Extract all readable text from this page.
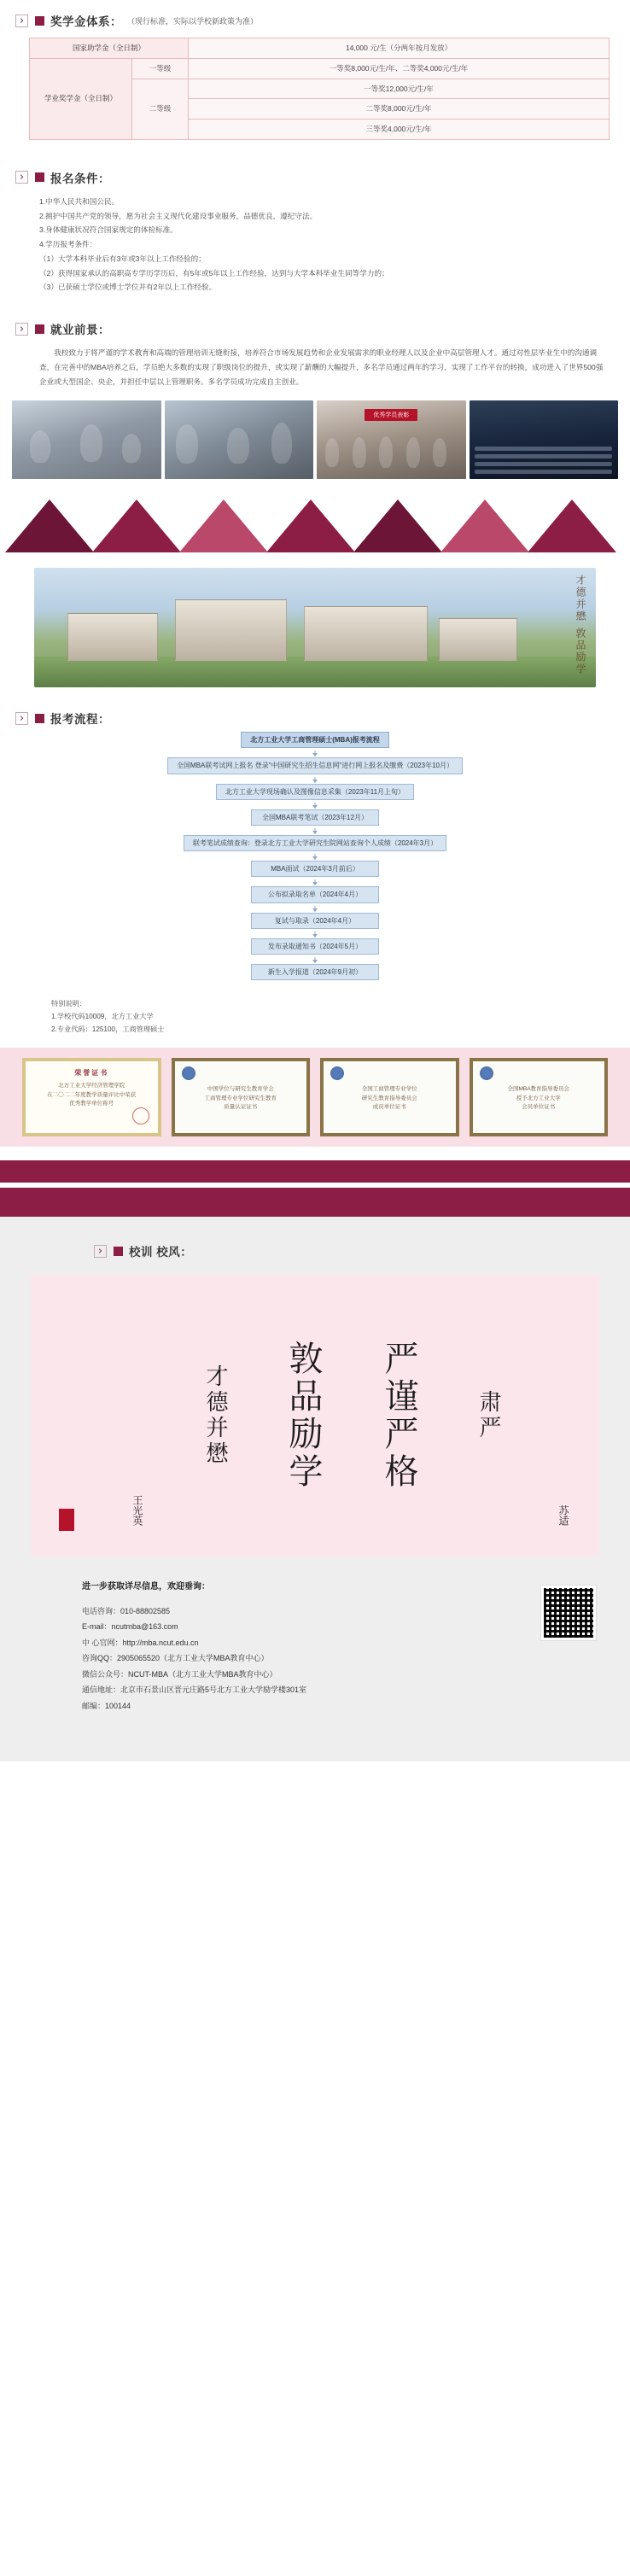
›	奖学金体系： （现行标准，实际以学校新政策为准）
国家助学金（全日制）		14,000 元/生（分两年按月发放）
学业奖学金（全日制）	一等级	一等奖8,000元/生/年、二等奖4,000元/生/年
	二等级	一等奖12,000元/生/年
		二等奖8,000元/生/年
		三等奖4,000元/生/年
›	报名条件：

1.中华人民共和国公民。

2.拥护中国共产党的领导，愿为社会主义现代化建设事业服务，品德优良，遵纪守法。

3.身体健康状况符合国家规定的体检标准。

4.学历报考条件：

（1）大学本科毕业后有3年或3年以上工作经验的；

（2）获得国家承认的高职高专学历学历后，有5年或5年以上工作经验，达到与大学本科毕业生同等学力的；

（3）已获硕士学位或博士学位并有2年以上工作经验。

›	就业前景：

我校致力于将严谨的学术教育和高端的管理培训无缝衔接，培养符合市场发展趋势和企业发展需求的职业经理人以及企业中高层管理人才。通过对性层毕业生中的沟通调查，在完善中的MBA培养之后，学员绝大多数的实现了职级岗位的提升，或实现了薪酬的大幅提升，多名学员通过两年的学习，实现了工作平台的转换，成功进入了世界500强企业或大型国企、央企，并担任中层以上管理职务。多名学员成功完成自主创业。

优秀学员表彰
才德并懋 敦品励学
›	报考流程：
北方工业大学工商管理硕士(MBA)报考流程
全国MBA联考试网上报名 登录"中国研究生招生信息网"进行网上报名及缴费（2023年10月）
北方工业大学现场确认及图像信息采集（2023年11月上旬）
全国MBA联考笔试（2023年12月）
联考笔试成绩查询：登录北方工业大学研究生院网站查询个人成绩（2024年3月）
MBA面试（2024年3月前后）
公布拟录取名单（2024年4月）
复试与取录（2024年4月）
发布录取通知书（2024年5月）
新生入学报道（2024年9月初）
特别说明：
1.学校代码10009，北方工业大学
2.专业代码：125100，工商管理硕士
荣誉证书
北方工业大学经济管理学院
在二〇二二年度教学质量评比中荣获
优秀教学单位称号
中国学位与研究生教育学会
工商管理专业学位研究生教育
质量认证证书
全国工商管理专业学位
研究生教育指导委员会
成员单位证书
全国MBA教育指导委员会
授予北方工业大学
会员单位证书
›	校训 校风：
王光英
才德并懋 敦品励学 严谨严格	肃严
苏适
进一步获取详尽信息，欢迎垂询：
电话咨询：010-88802585
E-mail：ncutmba@163.com
中 心官网：http://mba.ncut.edu.cn
咨询QQ：2905065520（北方工业大学MBA教育中心）
微信公众号：NCUT-MBA（北方工业大学MBA教育中心）
通信地址：北京市石景山区晋元庄路5号北方工业大学励学楼301室
邮编：100144
